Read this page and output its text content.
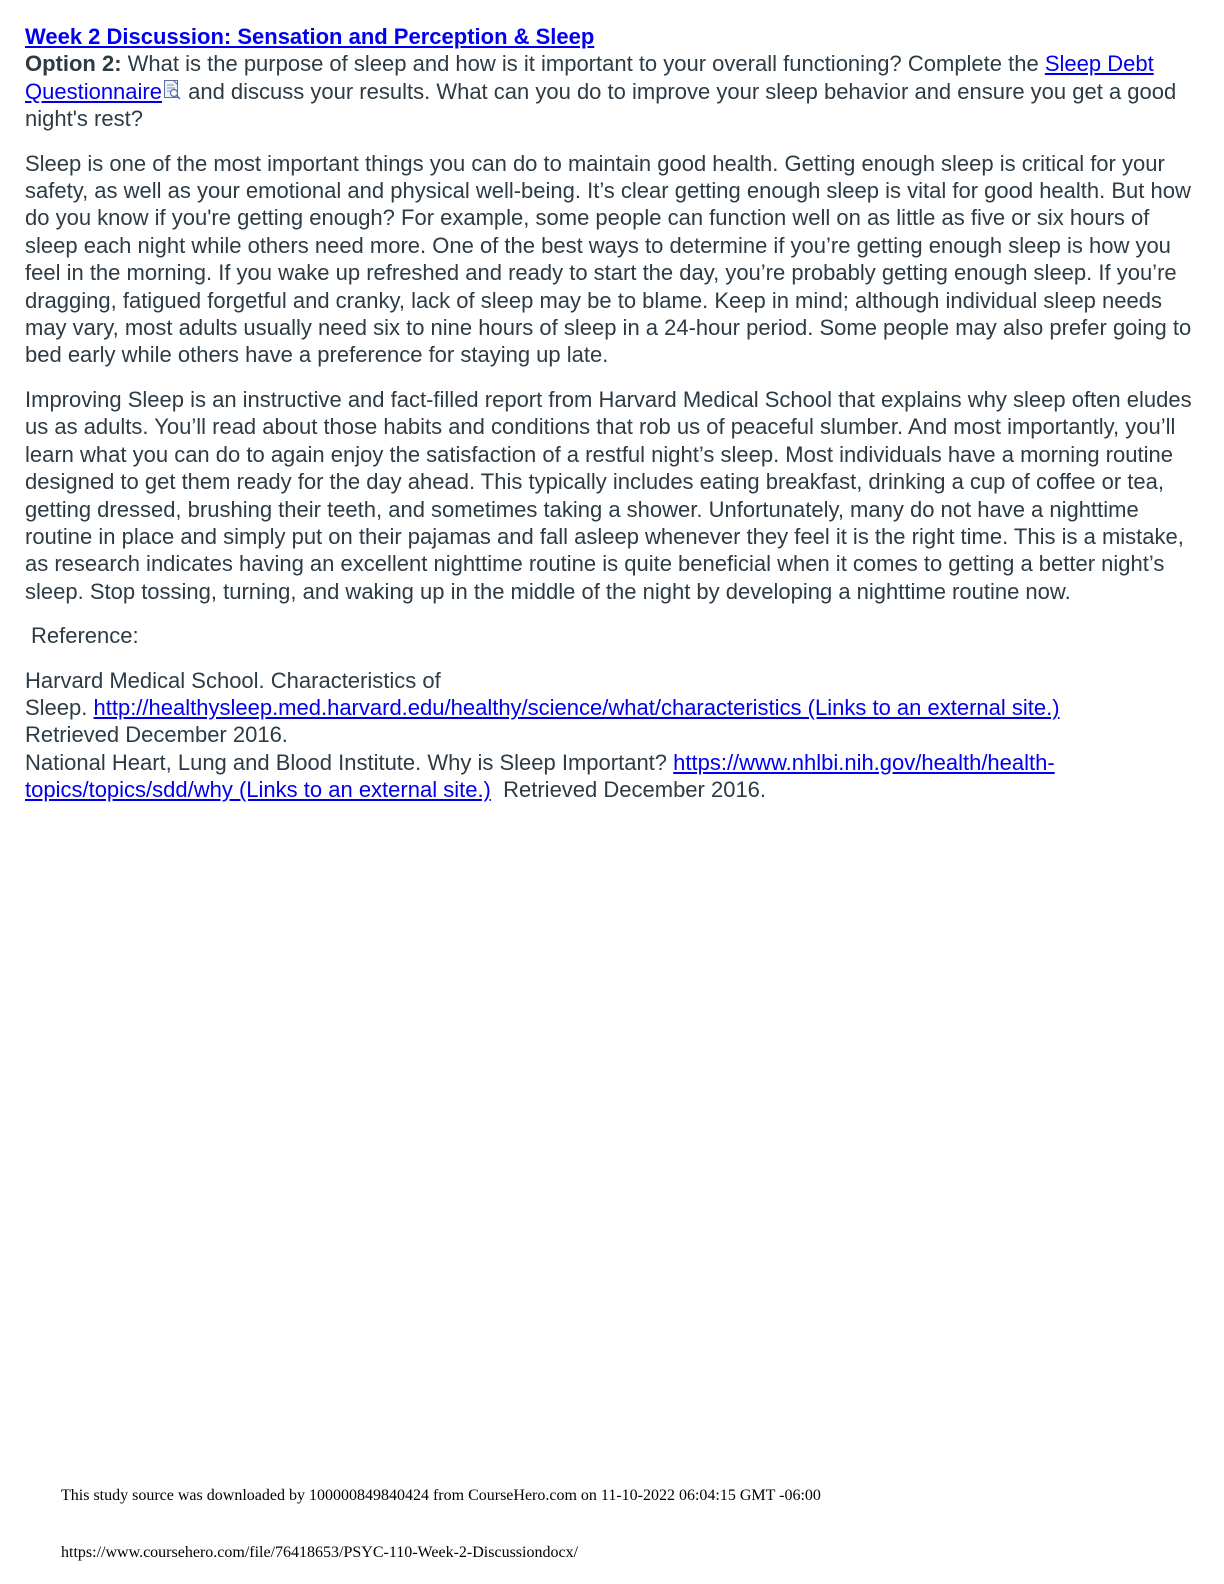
Week 2 Discussion: Sensation and Perception & Sleep
Option 2: What is the purpose of sleep and how is it important to your overall functioning? Complete the Sleep Debt Questionnaire and discuss your results. What can you do to improve your sleep behavior and ensure you get a good night's rest?

Sleep is one of the most important things you can do to maintain good health. Getting enough sleep is critical for your safety, as well as your emotional and physical well-being. It’s clear getting enough sleep is vital for good health. But how do you know if you're getting enough? For example, some people can function well on as little as five or six hours of sleep each night while others need more. One of the best ways to determine if you’re getting enough sleep is how you feel in the morning. If you wake up refreshed and ready to start the day, you’re probably getting enough sleep. If you’re dragging, fatigued forgetful and cranky, lack of sleep may be to blame. Keep in mind; although individual sleep needs may vary, most adults usually need six to nine hours of sleep in a 24-hour period. Some people may also prefer going to bed early while others have a preference for staying up late.

Improving Sleep is an instructive and fact-filled report from Harvard Medical School that explains why sleep often eludes us as adults. You’ll read about those habits and conditions that rob us of peaceful slumber. And most importantly, you’ll learn what you can do to again enjoy the satisfaction of a restful night’s sleep. Most individuals have a morning routine designed to get them ready for the day ahead. This typically includes eating breakfast, drinking a cup of coffee or tea, getting dressed, brushing their teeth, and sometimes taking a shower. Unfortunately, many do not have a nighttime routine in place and simply put on their pajamas and fall asleep whenever they feel it is the right time. This is a mistake, as research indicates having an excellent nighttime routine is quite beneficial when it comes to getting a better night’s sleep. Stop tossing, turning, and waking up in the middle of the night by developing a nighttime routine now.

Reference:

Harvard Medical School. Characteristics of
Sleep. http://healthysleep.med.harvard.edu/healthy/science/what/characteristics (Links to an external site.)
Retrieved December 2016.
National Heart, Lung and Blood Institute. Why is Sleep Important? https://www.nhlbi.nih.gov/health/health-
topics/topics/sdd/why (Links to an external site.)  Retrieved December 2016.
This study source was downloaded by 100000849840424 from CourseHero.com on 11-10-2022 06:04:15 GMT -06:00
https://www.coursehero.com/file/76418653/PSYC-110-Week-2-Discussiondocx/
